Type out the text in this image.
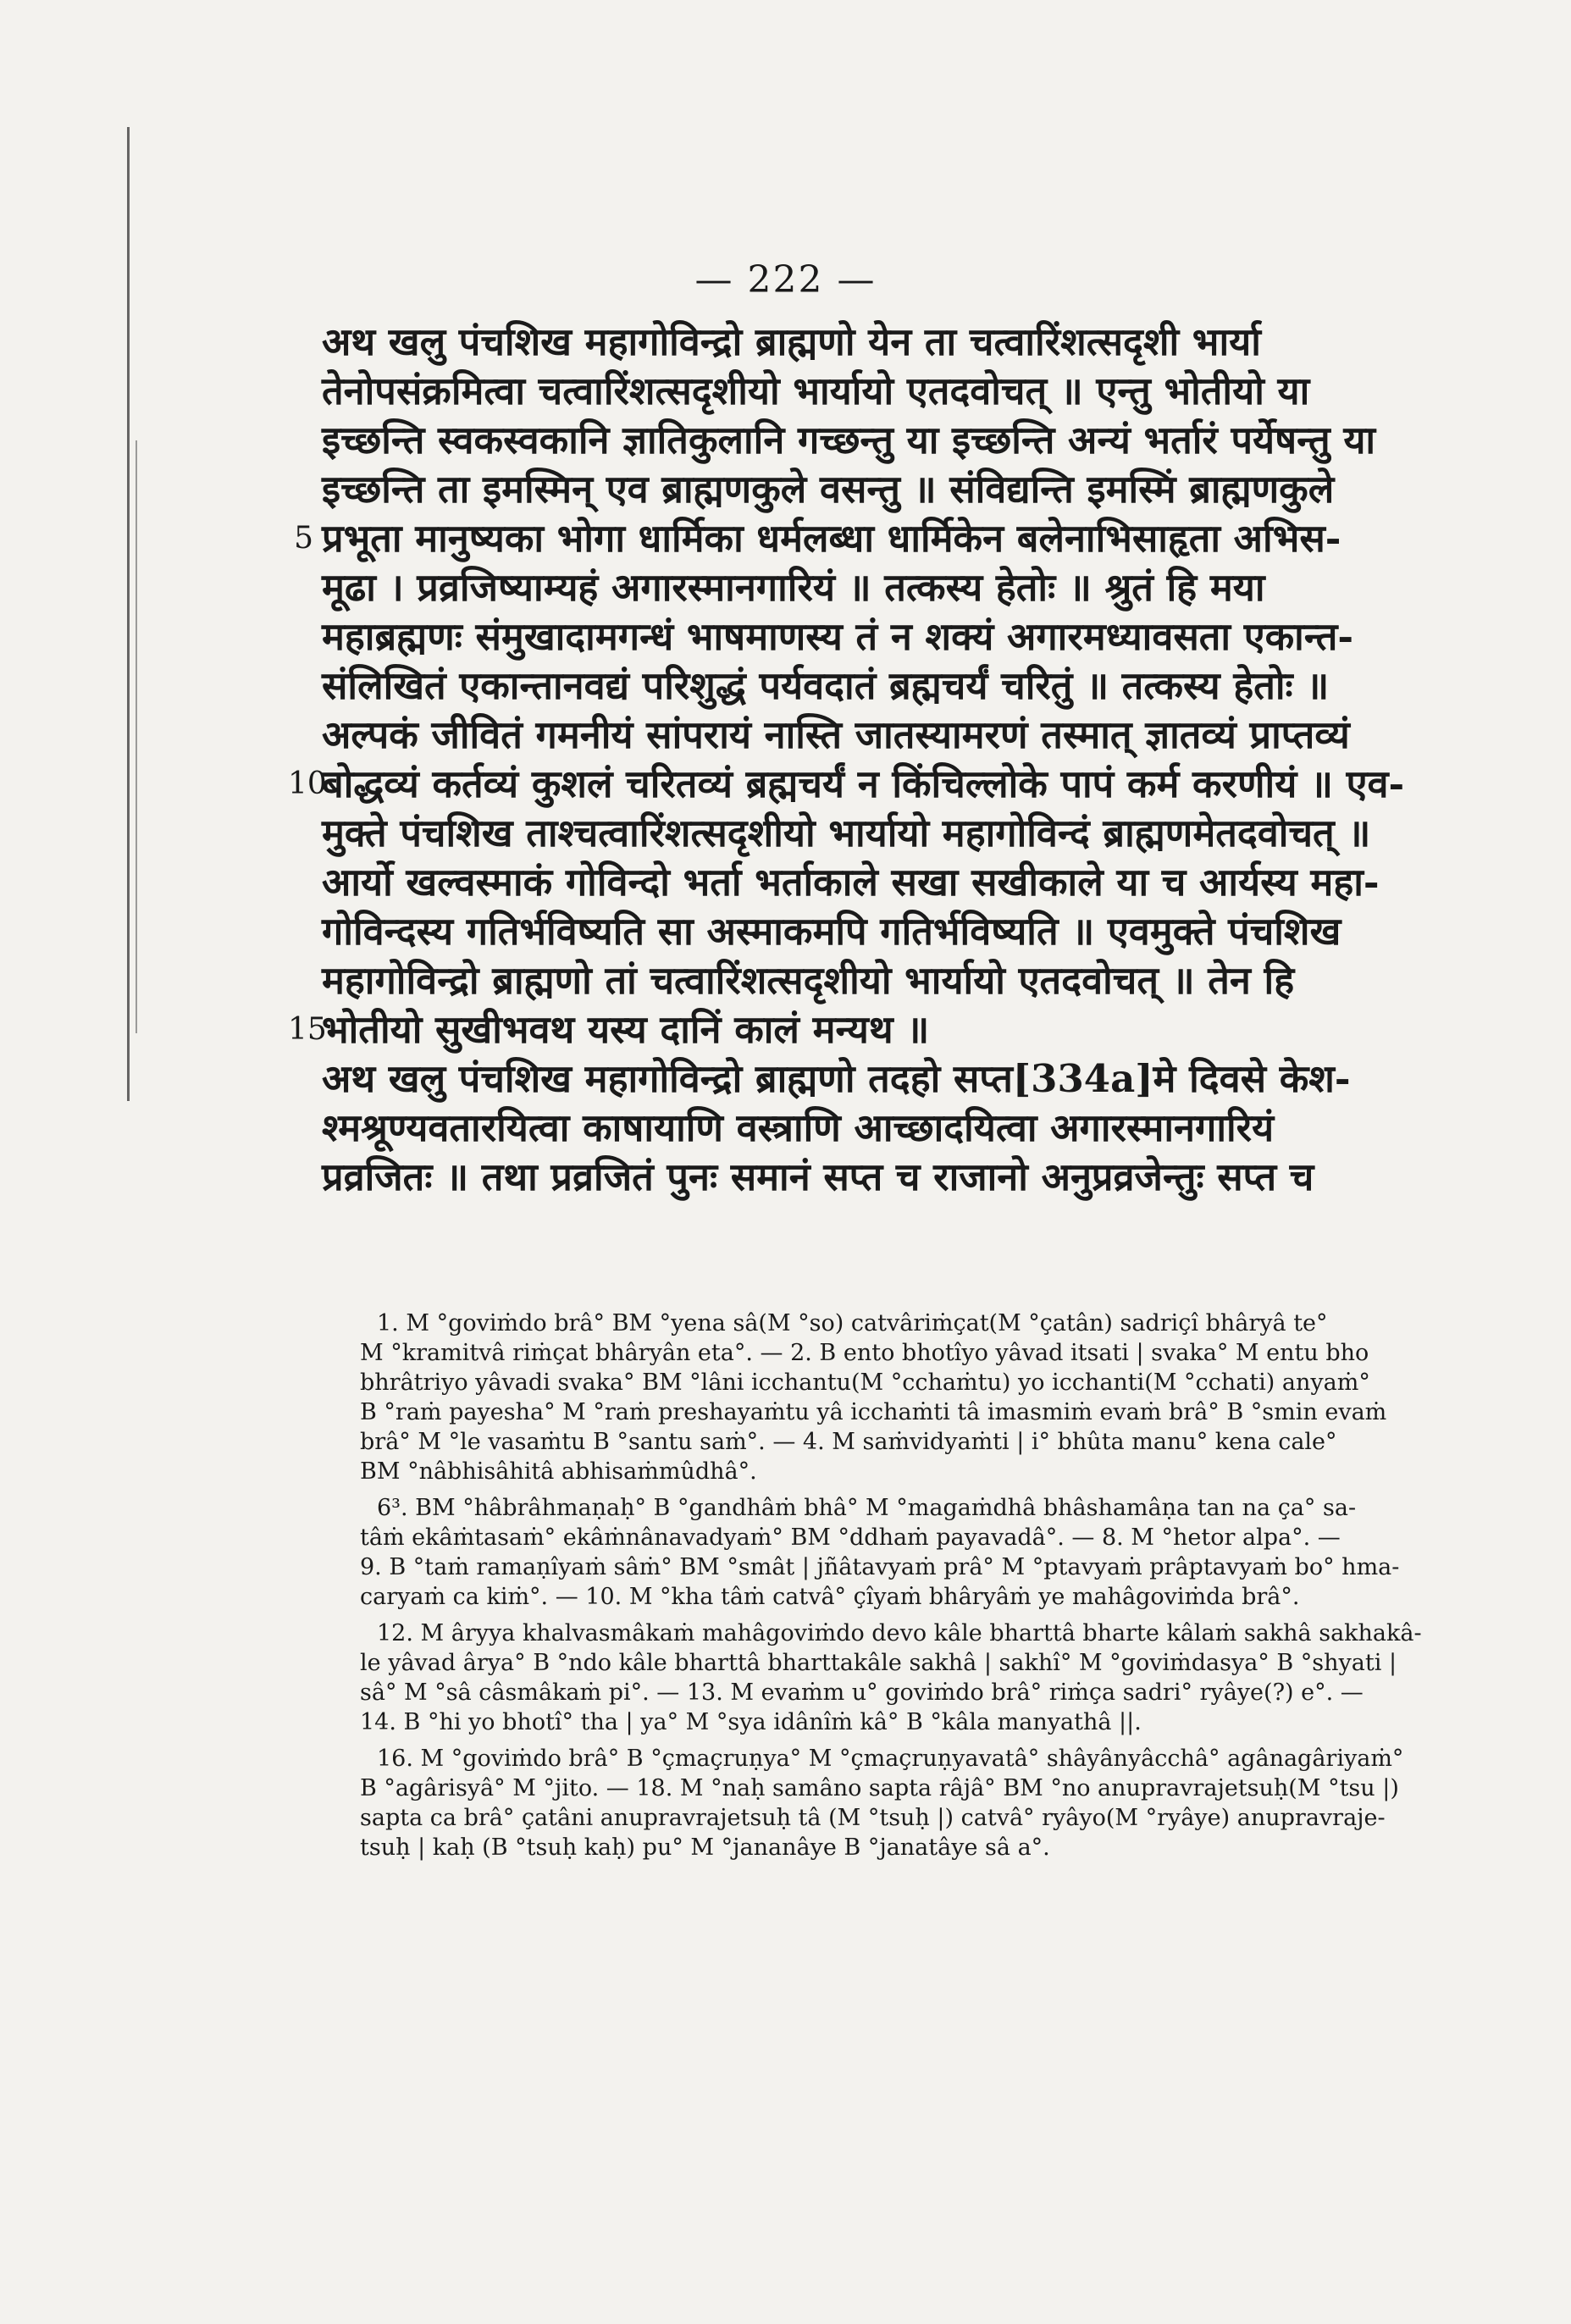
— 222 —
अथ खलु पंचशिख महागोविन्द्रो ब्राह्मणो येन ता चत्वारिंशत्सदृशी भार्या
तेनोपसंक्रमित्वा चत्वारिंशत्सदृशीयो भार्यायो एतदवोचत् ॥ एन्तु भोतीयो या
इच्छन्ति स्वकस्वकानि ज्ञातिकुलानि गच्छन्तु या इच्छन्ति अन्यं भर्तारं पर्येषन्तु या
इच्छन्ति ता इमस्मिन् एव ब्राह्मणकुले वसन्तु ॥ संविद्यन्ति इमस्मिं ब्राह्मणकुले
5 प्रभूता मानुष्यका भोगा धार्मिका धर्मलब्धा धार्मिकेन बलेनाभिसाहृता अभिस-
मूढा । प्रव्रजिष्याम्यहं अगारस्मानगारियं ॥ तत्कस्य हेतोः ॥ श्रुतं हि मया
महाब्रह्मणः संमुखादामगन्धं भाषमाणस्य तं न शक्यं अगारमध्यावसता एकान्त-
संलिखितं एकान्तानवद्यं परिशुद्धं पर्यवदातं ब्रह्मचर्यं चरितुं ॥ तत्कस्य हेतोः ॥
अल्पकं जीवितं गमनीयं सांपरायं नास्ति जातस्यामरणं तस्मात् ज्ञातव्यं प्राप्तव्यं
10
बोद्धव्यं कर्तव्यं कुशलं चरितव्यं ब्रह्मचर्यं न किंचिल्लोके पापं कर्म करणीयं ॥ एव-
मुक्ते पंचशिख ताश्चत्वारिंशत्सदृशीयो भार्यायो महागोविन्दं ब्राह्मणमेतदवोचत् ॥
आर्यो खल्वस्माकं गोविन्दो भर्ता भर्ताकाले सखा सखीकाले या च आर्यस्य महा-
गोविन्दस्य गतिर्भविष्यति सा अस्माकमपि गतिर्भविष्यति ॥ एवमुक्ते पंचशिख
महागोविन्द्रो ब्राह्मणो तां चत्वारिंशत्सदृशीयो भार्यायो एतदवोचत् ॥ तेन हि
15
भोतीयो सुखीभवथ यस्य दानिं कालं मन्यथ ॥
अथ खलु पंचशिख महागोविन्द्रो ब्राह्मणो तदहो सप्त[334a]मे दिवसे केश-
श्मश्रूण्यवतारयित्वा काषायाणि वस्त्राणि आच्छादयित्वा अगारस्मानगारियं
प्रव्रजितः ॥ तथा प्रव्रजितं पुनः समानं सप्त च राजानो अनुप्रव्रजेन्तुः सप्त च
1. M °goviṁdo brâ° BM °yena sâ(M °so) catvâriṁçat(M °çatân) sadriçî bhâryâ te°
M °kramitvâ riṁçat bhâryân eta°. — 2. B ento bhotîyo yâvad itsati | svaka° M entu bho
bhrâtriyo yâvadi svaka° BM °lâni icchantu(M °cchaṁtu) yo icchanti(M °cchati) anyaṁ°
B °raṁ payesha° M °raṁ preshayaṁtu yâ icchaṁti tâ imasmiṁ evaṁ brâ° B °smin evaṁ
brâ° M °le vasaṁtu B °santu saṁ°. — 4. M saṁvidyaṁti | i° bhûta manu° kena cale°
BM °nâbhisâhitâ abhisaṁmûdhâ°.
6³. BM °hâbrâhmaṇaḥ° B °gandhâṁ bhâ° M °magaṁdhâ bhâshamâṇa tan na ça° sa-
tâṁ ekâṁtasaṁ° ekâṁnânavadyaṁ° BM °ddhaṁ payavadâ°. — 8. M °hetor alpa°. —
9. B °taṁ ramaṇîyaṁ sâṁ° BM °smât | jñâtavyaṁ prâ° M °ptavyaṁ prâptavyaṁ bo° hma-
caryaṁ ca kiṁ°. — 10. M °kha tâṁ catvâ° çîyaṁ bhâryâṁ ye mahâgoviṁda brâ°.
12. M âryya khalvasmâkaṁ mahâgoviṁdo devo kâle bharttâ bharte kâlaṁ sakhâ sakhakâ-
le yâvad ârya° B °ndo kâle bharttâ bharttakâle sakhâ | sakhî° M °goviṁdasya° B °shyati |
sâ° M °sâ câsmâkaṁ pi°. — 13. M evaṁm u° goviṁdo brâ° riṁça sadri° ryâye(?) e°. —
14. B °hi yo bhotî° tha | ya° M °sya idânîṁ kâ° B °kâla manyathâ ||.
16. M °goviṁdo brâ° B °çmaçruṇya° M °çmaçruṇyavatâ° shâyânyâcchâ° agânagâriyaṁ°
B °agârisyâ° M °jito. — 18. M °naḥ samâno sapta râjâ° BM °no anupravrajetsuḥ(M °tsu |)
sapta ca brâ° çatâni anupravrajetsuḥ tâ (M °tsuḥ |) catvâ° ryâyo(M °ryâye) anupravraje-
tsuḥ | kaḥ (B °tsuḥ kaḥ) pu° M °jananâye B °janatâye sâ a°.
